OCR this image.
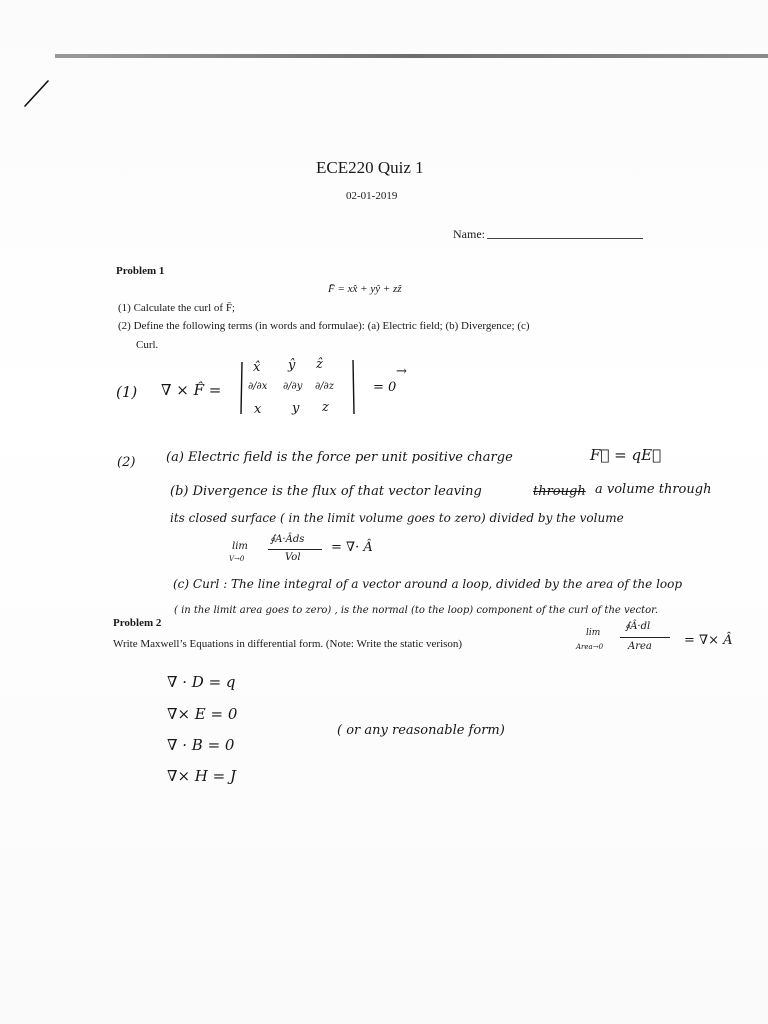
ECE220 Quiz 1
02-01-2019
Name:
Problem 1
F̄ = xx̂ + yŷ + zẑ
(1) Calculate the curl of F̄;
(2) Define the following terms (in words and formulae): (a) Electric field; (b) Divergence; (c)
Curl.
(1) ∇ × F̂ =
x̂ ŷ ẑ
∂/∂x ∂/∂y ∂/∂z
x y z
→
= 0
(2) (a) Electric field is the force per unit positive charge	F⃗ = qE⃗
(b) Divergence is the flux of that vector leaving	through a volume through
its closed surface ( in the limit volume goes to zero) divided by the volume
lim
V→0
∮A·Âds
Vol
= ∇· Â
(c) Curl : The line integral of a vector around a loop, divided by the area of the loop
( in the limit area goes to zero) , is the normal (to the loop) component of the curl of the vector.
lim
Area→0
∮Â·dl
Area = ∇× Â
Problem 2
Write Maxwell’s Equations in differential form. (Note: Write the static verison)
∇ · D = q
∇× E = 0
∇ · B = 0
∇× H = J
( or any reasonable form)
